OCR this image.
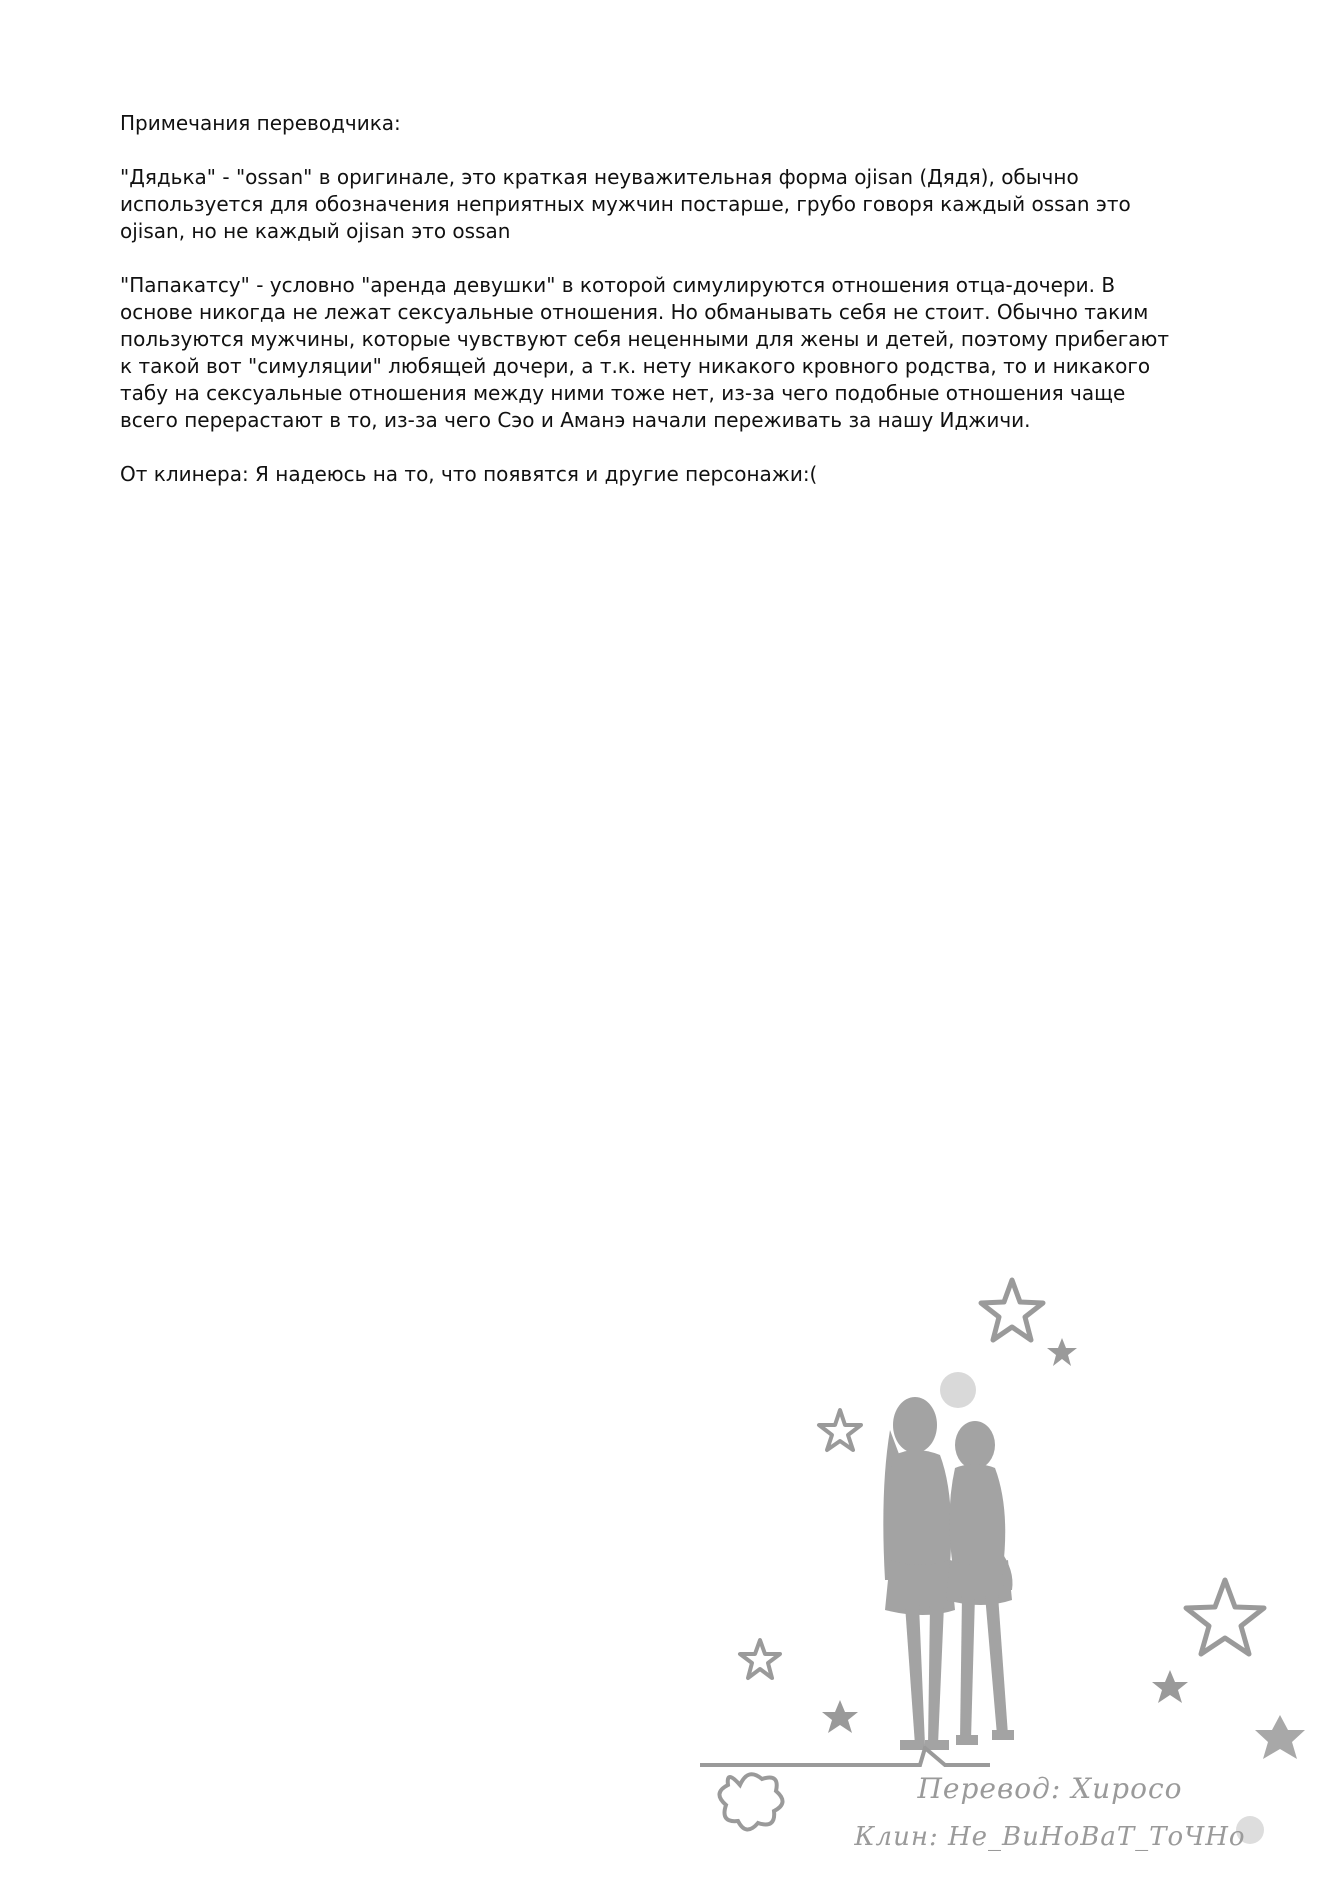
Примечания переводчика:

"Дядька" - "ossan" в оригинале, это краткая неуважительная форма ojisan (Дядя), обычно используется для обозначения неприятных мужчин постарше, грубо говоря каждый ossan это ojisan, но не каждый ojisan это ossan

"Папакатсу" - условно "аренда девушки" в которой симулируются отношения отца-дочери. В основе никогда не лежат сексуальные отношения. Но обманывать себя не стоит. Обычно таким пользуются мужчины, которые чувствуют себя неценными для жены и детей, поэтому прибегают к такой вот "симуляции" любящей дочери, а т.к. нету никакого кровного родства, то и никакого табу на сексуальные отношения между ними тоже нет, из-за чего подобные отношения чаще всего перерастают в то, из-за чего Сэо и Аманэ начали переживать за нашу Иджичи.

От клинера: Я надеюсь на то, что появятся и другие персонажи:(

Перевод: Хиросо
Клин: Не_ВиНоВаТ_ТоЧНо
